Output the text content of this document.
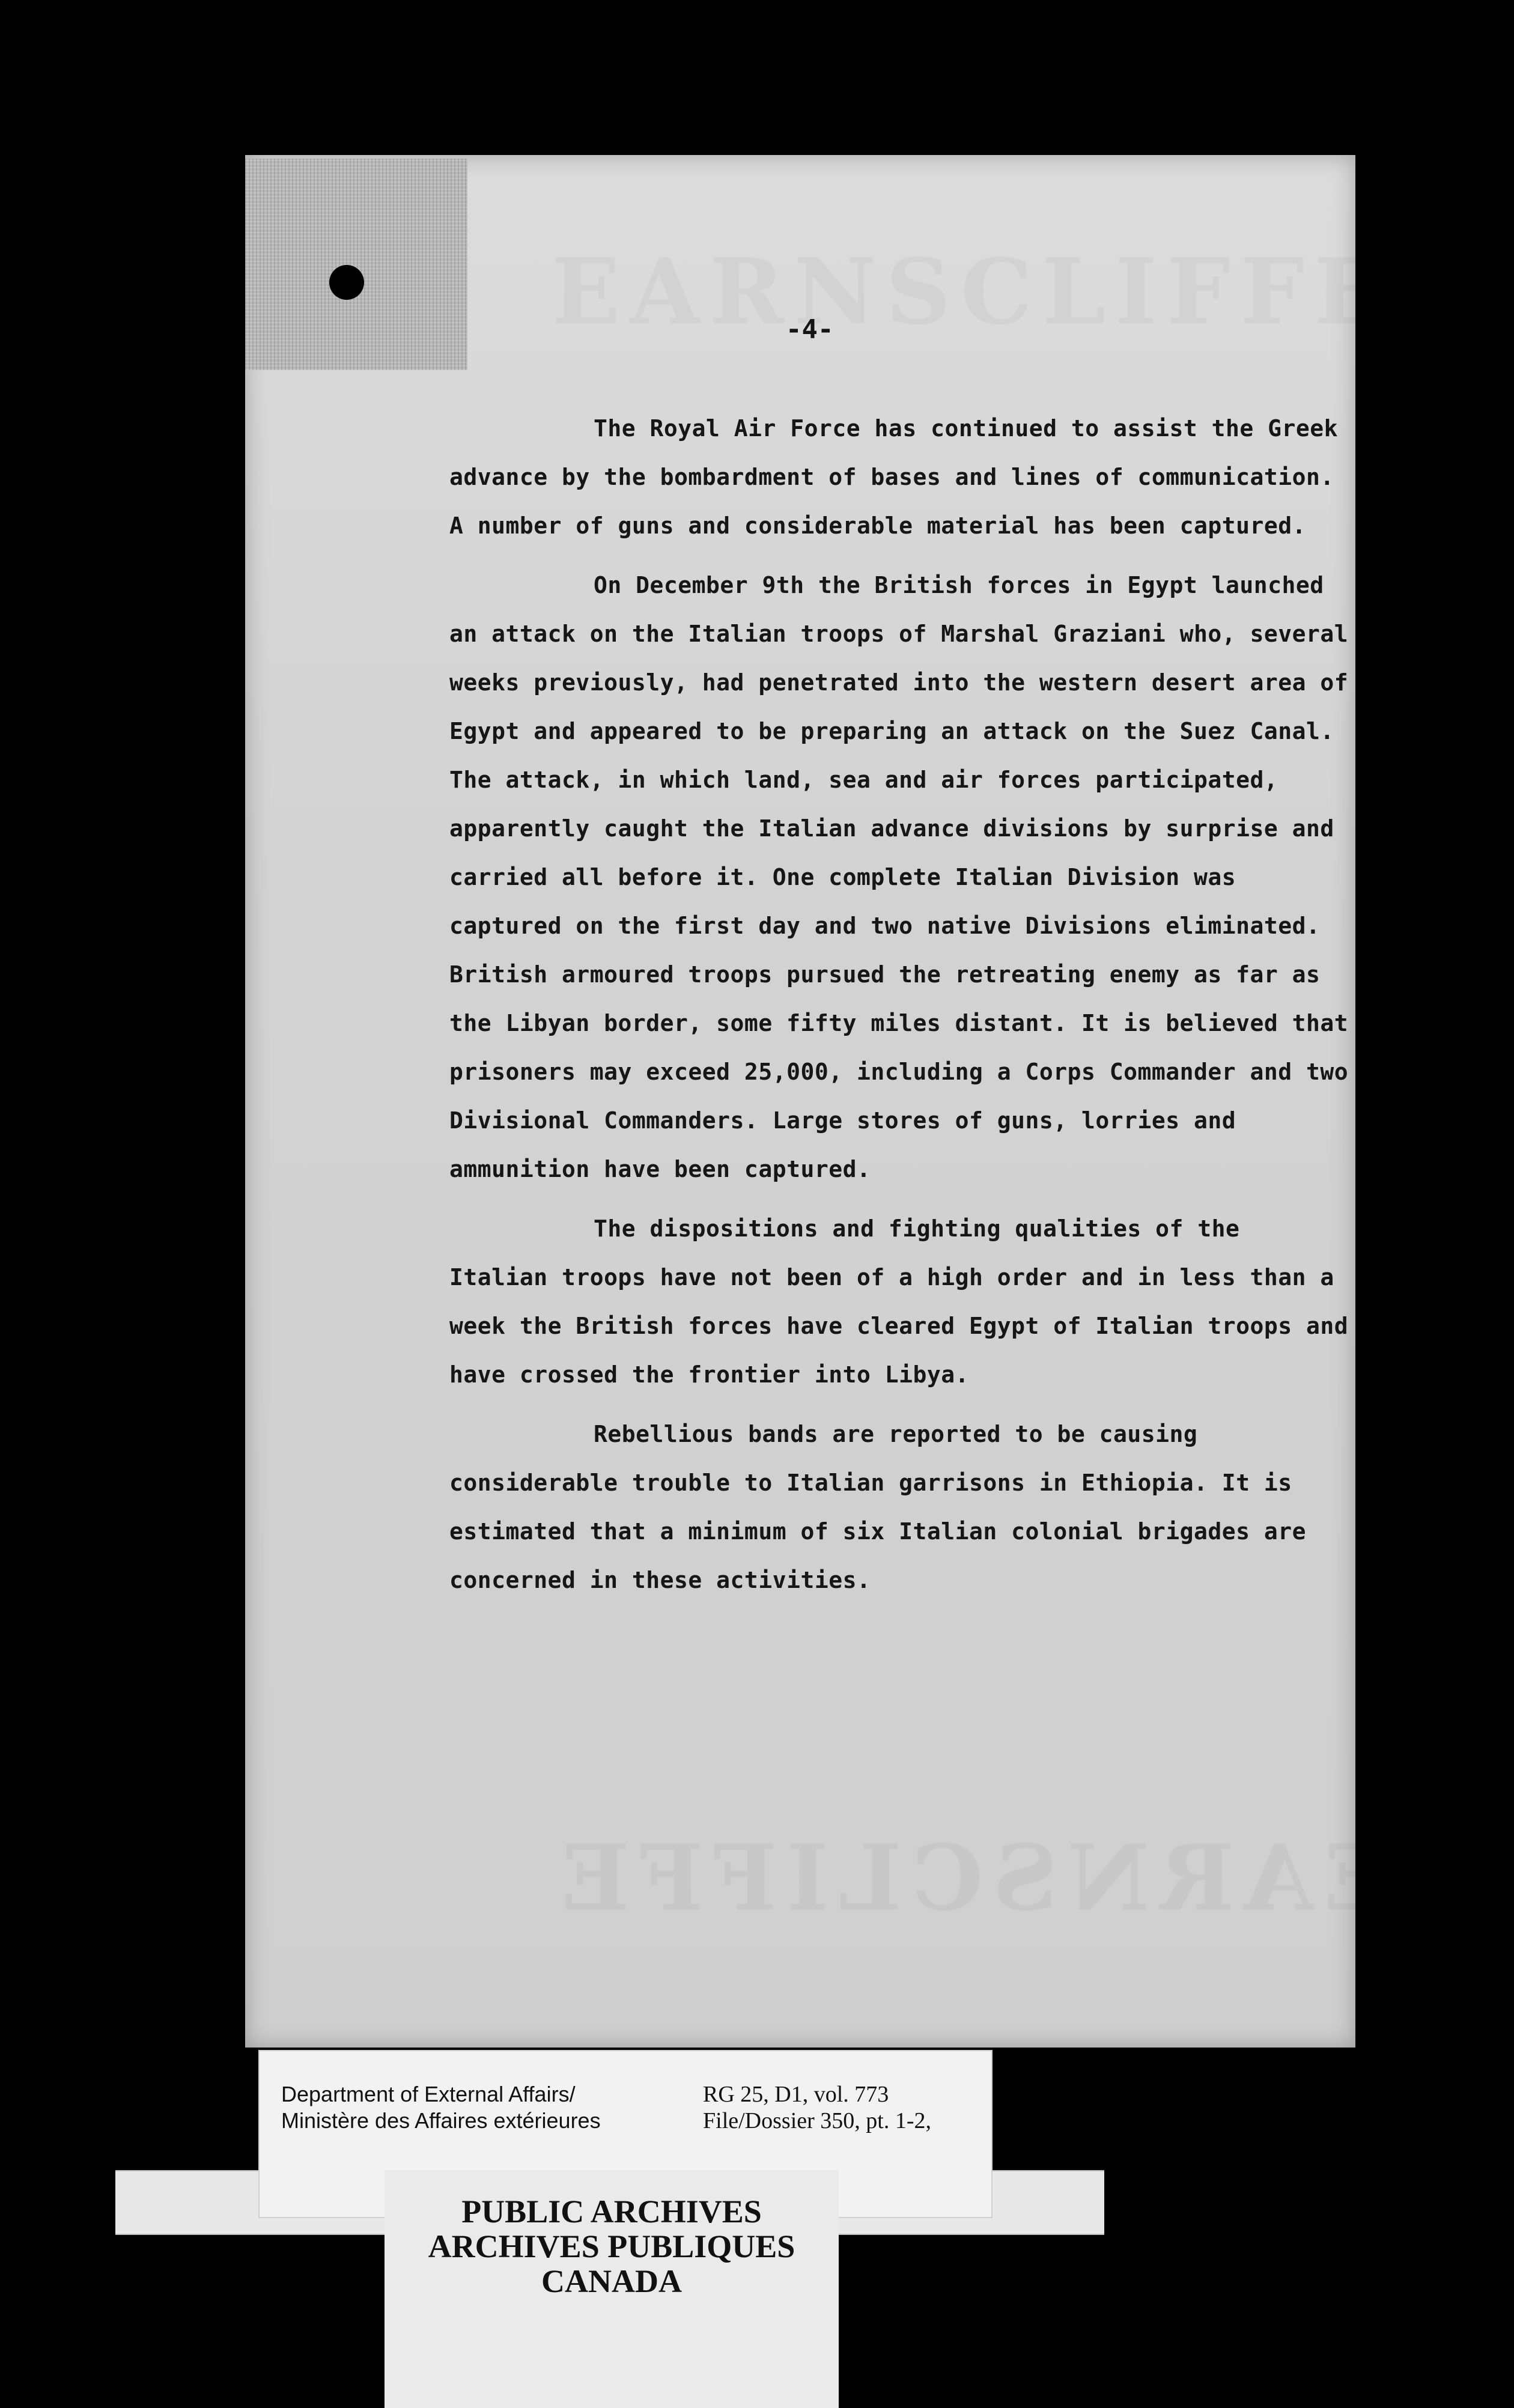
-4-

The Royal Air Force has continued to assist the Greek advance by the bombardment of bases and lines of communication. A number of guns and considerable material has been captured.

On December 9th the British forces in Egypt launched an attack on the Italian troops of Marshal Graziani who, several weeks previously, had penetrated into the western desert area of Egypt and appeared to be preparing an attack on the Suez Canal. The attack, in which land, sea and air forces participated, apparently caught the Italian advance divisions by surprise and carried all before it. One complete Italian Division was captured on the first day and two native Divisions eliminated. British armoured troops pursued the retreating enemy as far as the Libyan border, some fifty miles distant. It is believed that prisoners may exceed 25,000, including a Corps Commander and two Divisional Commanders. Large stores of guns, lorries and ammunition have been captured.

The dispositions and fighting qualities of the Italian troops have not been of a high order and in less than a week the British forces have cleared Egypt of Italian troops and have crossed the frontier into Libya.

Rebellious bands are reported to be causing considerable trouble to Italian garrisons in Ethiopia. It is estimated that a minimum of six Italian colonial brigades are concerned in these activities.

Department of External Affairs/
Ministère des Affaires extérieures
RG 25, D1, vol. 773
File/Dossier 350, pt. 1-2,
PUBLIC ARCHIVES
ARCHIVES PUBLIQUES
CANADA
